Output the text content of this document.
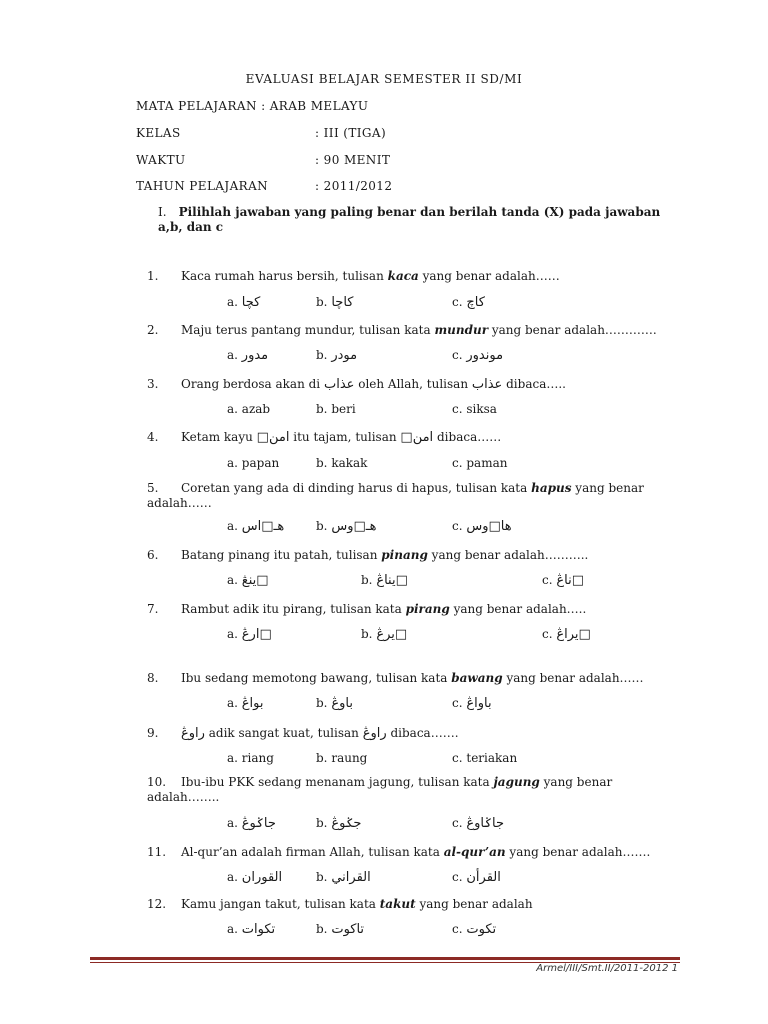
EVALUASI BELAJAR SEMESTER II SD/MI
MATA PELAJARAN : ARAB MELAYU
KELAS	: III (TIGA)
WAKTU	: 90 MENIT
TAHUN PELAJARAN	: 2011/2012
I. Pilihlah jawaban yang paling benar dan berilah tanda (X) pada jawaban a,b, dan c
1. Kaca rumah harus bersih, tulisan kaca yang benar adalah……
a. كچا	b. كاچا	c. كاچ
2. Maju terus pantang mundur, tulisan kata mundur yang benar adalah………….
a. مدور	b. مودر	c. موندور
3. Orang berdosa akan di عذاب oleh Allah, tulisan عذاب dibaca…..
a. azab	b. beri	c. siksa
4. Ketam kayu امن□ itu tajam, tulisan امن□ dibaca……
a. papan	b. kakak	c. paman
5. Coretan yang ada di dinding harus di hapus, tulisan kata hapus yang benar adalah……
a. هـ□اس	b. هـ□وس	c. ها□وس
6. Batang pinang itu patah, tulisan pinang yang benar adalah………..
a. □ينڠ	b. □يناڠ	c. □ناڠ
7. Rambut adik itu pirang, tulisan kata pirang yang benar adalah…..
a. □ارڠ	b. □يرڠ	c. □يراڠ
8. Ibu sedang memotong bawang, tulisan kata bawang yang benar adalah……
a. بواڠ	b. باوڠ	c. باواڠ
9. راوڠ adik sangat kuat, tulisan راوڠ dibaca…….
a. riang	b. raung	c. teriakan
10. Ibu-ibu PKK sedang menanam jagung, tulisan kata jagung yang benar adalah……..
a. جاݢوڠ	b. جݢوڠ	c. جاݢاوڠ
11. Al-qur’an adalah firman Allah, tulisan kata al-qur’an yang benar adalah…….
a. القوران	b. القراني	c. القرأن
12. Kamu jangan takut, tulisan kata takut yang benar adalah
a. تكوات	b. تاكوت	c. تكوت
Armel/III/Smt.II/2011-2012 1
